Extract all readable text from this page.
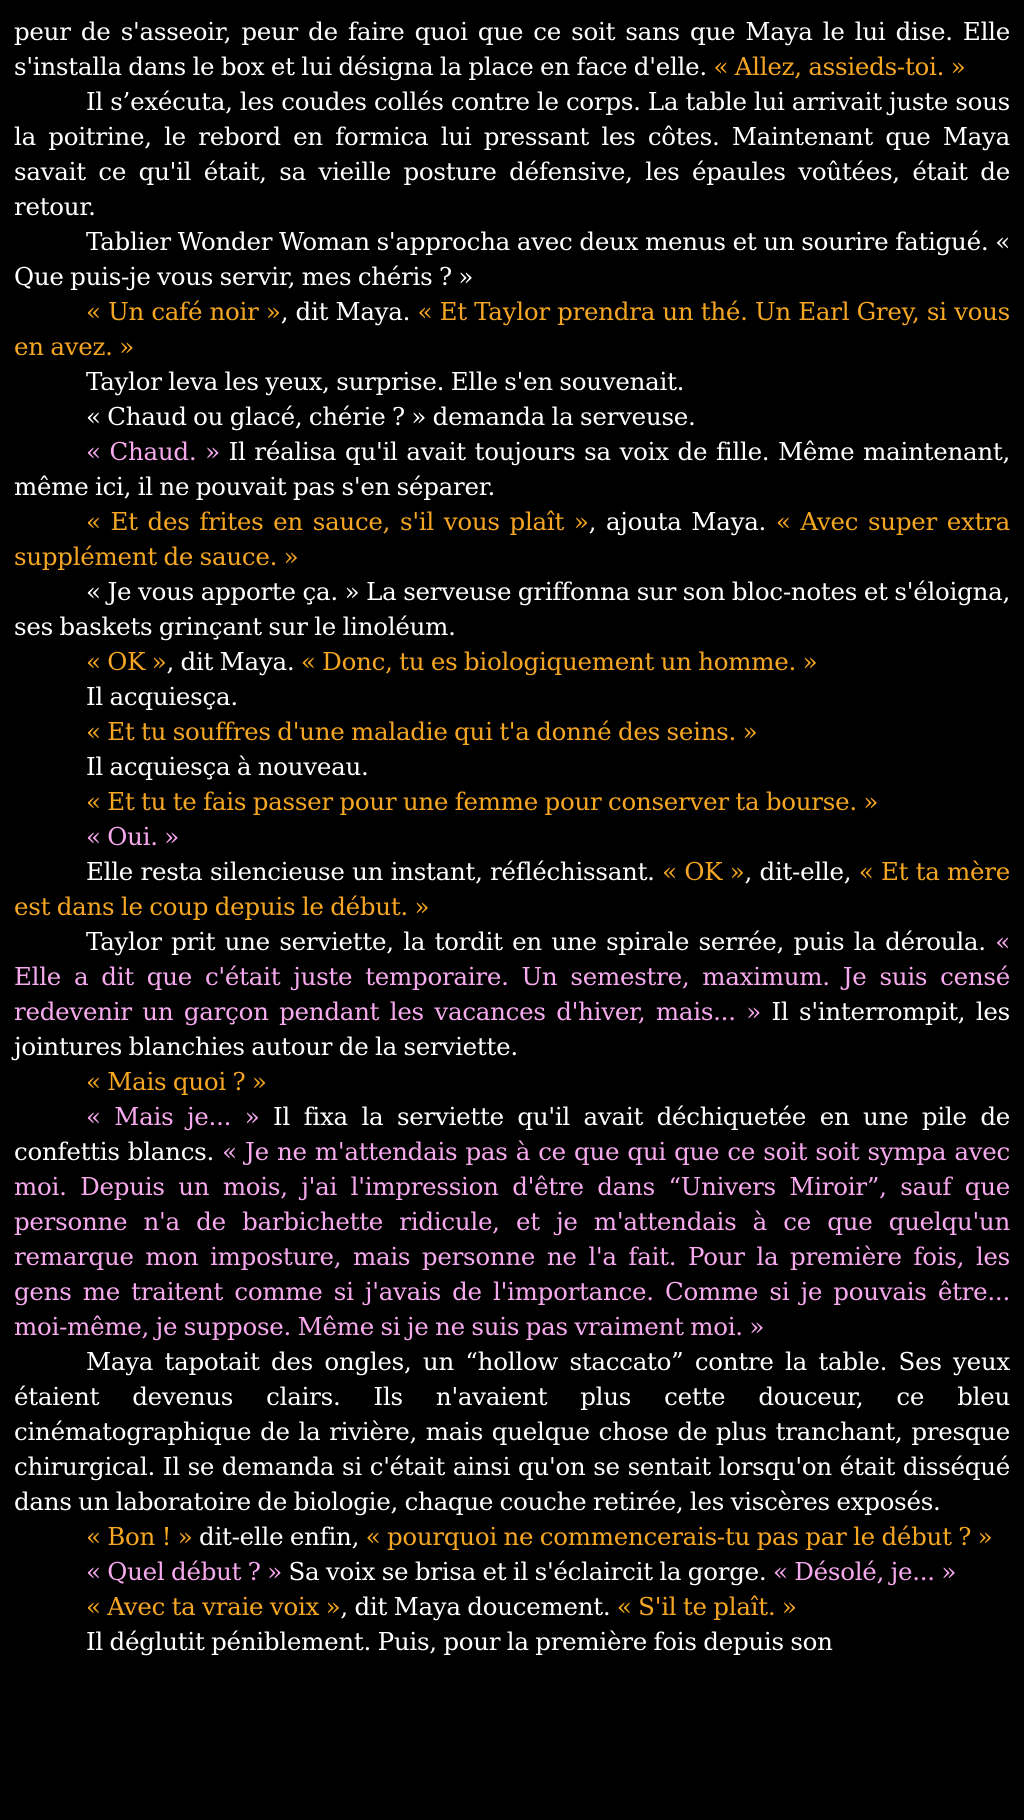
peur de s'asseoir, peur de faire quoi que ce soit sans que Maya le lui dise. Elle s'installa dans le box et lui désigna la place en face d'elle. « Allez, assieds-toi. »

Il s’exécuta, les coudes collés contre le corps. La table lui arrivait juste sous la poitrine, le rebord en formica lui pressant les côtes. Maintenant que Maya savait ce qu'il était, sa vieille posture défensive, les épaules voûtées, était de retour.

Tablier Wonder Woman s'approcha avec deux menus et un sourire fatigué. « Que puis-je vous servir, mes chéris ? »

« Un café noir », dit Maya. « Et Taylor prendra un thé. Un Earl Grey, si vous en avez. »

Taylor leva les yeux, surprise. Elle s'en souvenait.

« Chaud ou glacé, chérie ? » demanda la serveuse.

« Chaud. » Il réalisa qu'il avait toujours sa voix de fille. Même maintenant, même ici, il ne pouvait pas s'en séparer.

« Et des frites en sauce, s'il vous plaît », ajouta Maya. « Avec super extra supplément de sauce. »

« Je vous apporte ça. » La serveuse griffonna sur son bloc-notes et s'éloigna, ses baskets grinçant sur le linoléum.

« OK », dit Maya. « Donc, tu es biologiquement un homme. »

Il acquiesça.

« Et tu souffres d'une maladie qui t'a donné des seins. »

Il acquiesça à nouveau.

« Et tu te fais passer pour une femme pour conserver ta bourse. »

« Oui. »

Elle resta silencieuse un instant, réfléchissant. « OK », dit-elle, « Et ta mère est dans le coup depuis le début. »

Taylor prit une serviette, la tordit en une spirale serrée, puis la déroula. « Elle a dit que c'était juste temporaire. Un semestre, maximum. Je suis censé redevenir un garçon pendant les vacances d'hiver, mais... » Il s'interrompit, les jointures blanchies autour de la serviette.

« Mais quoi ? »

« Mais je... » Il fixa la serviette qu'il avait déchiquetée en une pile de confettis blancs. « Je ne m'attendais pas à ce que qui que ce soit soit sympa avec moi. Depuis un mois, j'ai l'impression d'être dans “Univers Miroir”, sauf que personne n'a de barbichette ridicule, et je m'attendais à ce que quelqu'un remarque mon imposture, mais personne ne l'a fait. Pour la première fois, les gens me traitent comme si j'avais de l'importance. Comme si je pouvais être... moi-même, je suppose. Même si je ne suis pas vraiment moi. »

Maya tapotait des ongles, un “hollow staccato” contre la table. Ses yeux étaient devenus clairs. Ils n'avaient plus cette douceur, ce bleu cinématographique de la rivière, mais quelque chose de plus tranchant, presque chirurgical. Il se demanda si c'était ainsi qu'on se sentait lorsqu'on était disséqué dans un laboratoire de biologie, chaque couche retirée, les viscères exposés.

« Bon ! » dit-elle enfin, « pourquoi ne commencerais-tu pas par le début ? »

« Quel début ? » Sa voix se brisa et il s'éclaircit la gorge. « Désolé, je... »

« Avec ta vraie voix », dit Maya doucement. « S'il te plaît. »

Il déglutit péniblement. Puis, pour la première fois depuis son
